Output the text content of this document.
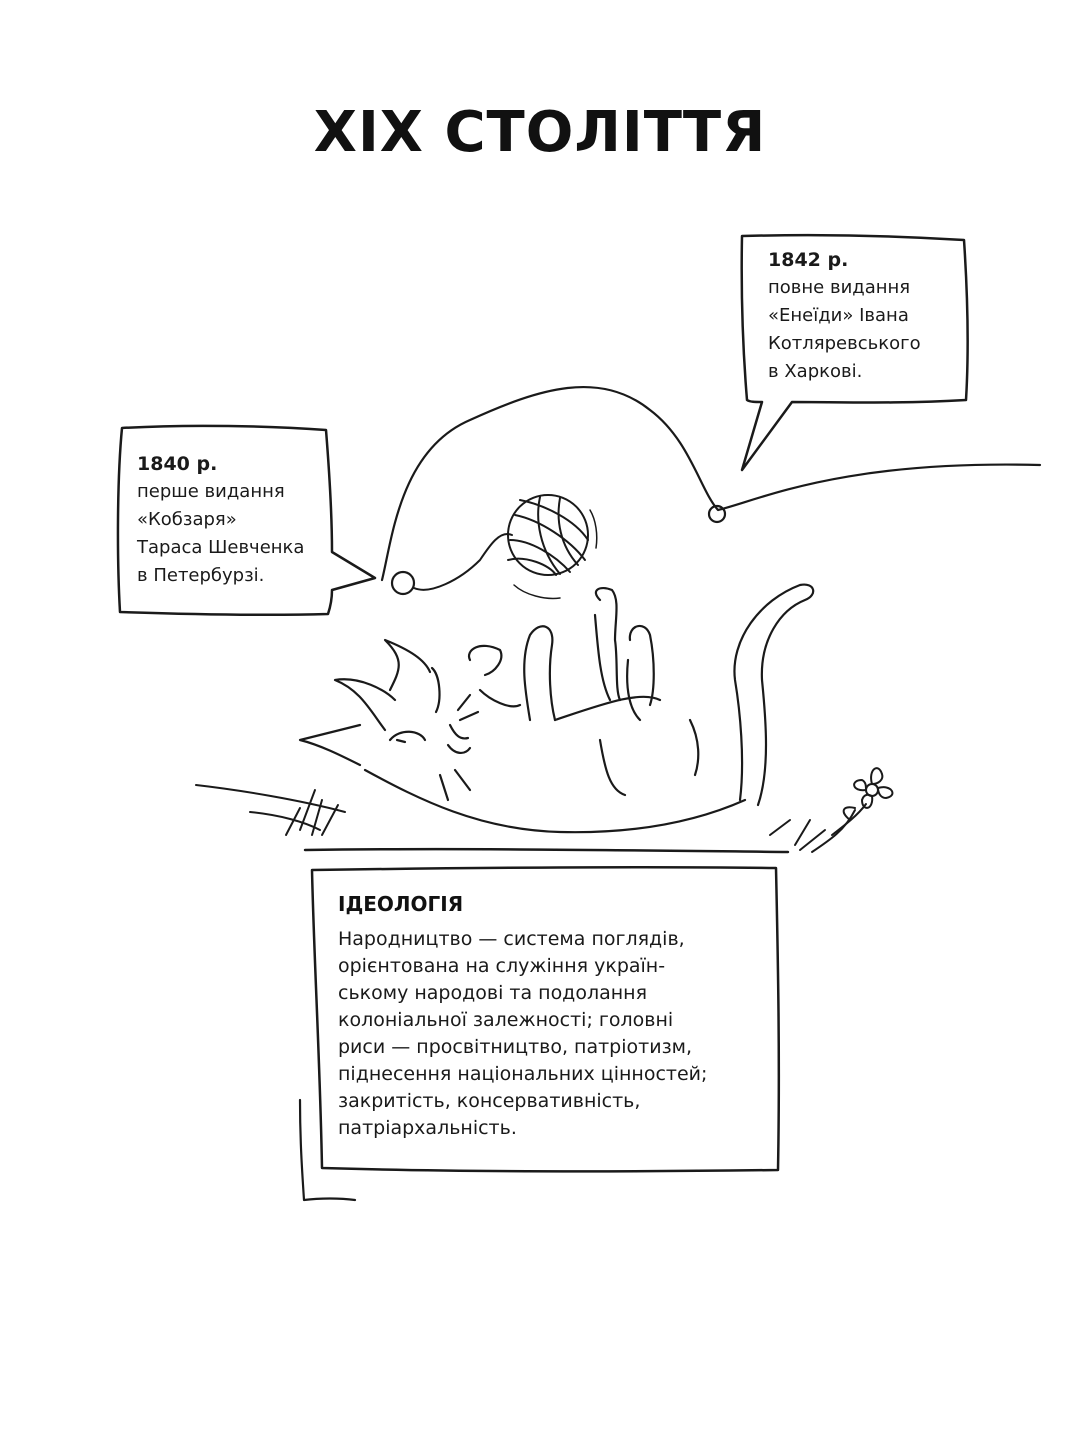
XIX СТОЛІТТЯ
1840 р.
перше видання
«Кобзаря»
Тараса Шевченка
в Петербурзі.
1842 р.
повне видання
«Енеїди» Івана
Котляревського
в Харкові.
ІДЕОЛОГІЯ
Народництво — система поглядів,
орієнтована на служіння україн-
ському народові та подолання
колоніальної залежності; головні
риси — просвітництво, патріотизм,
піднесення національних цінностей;
закритість, консервативність,
патріархальність.
